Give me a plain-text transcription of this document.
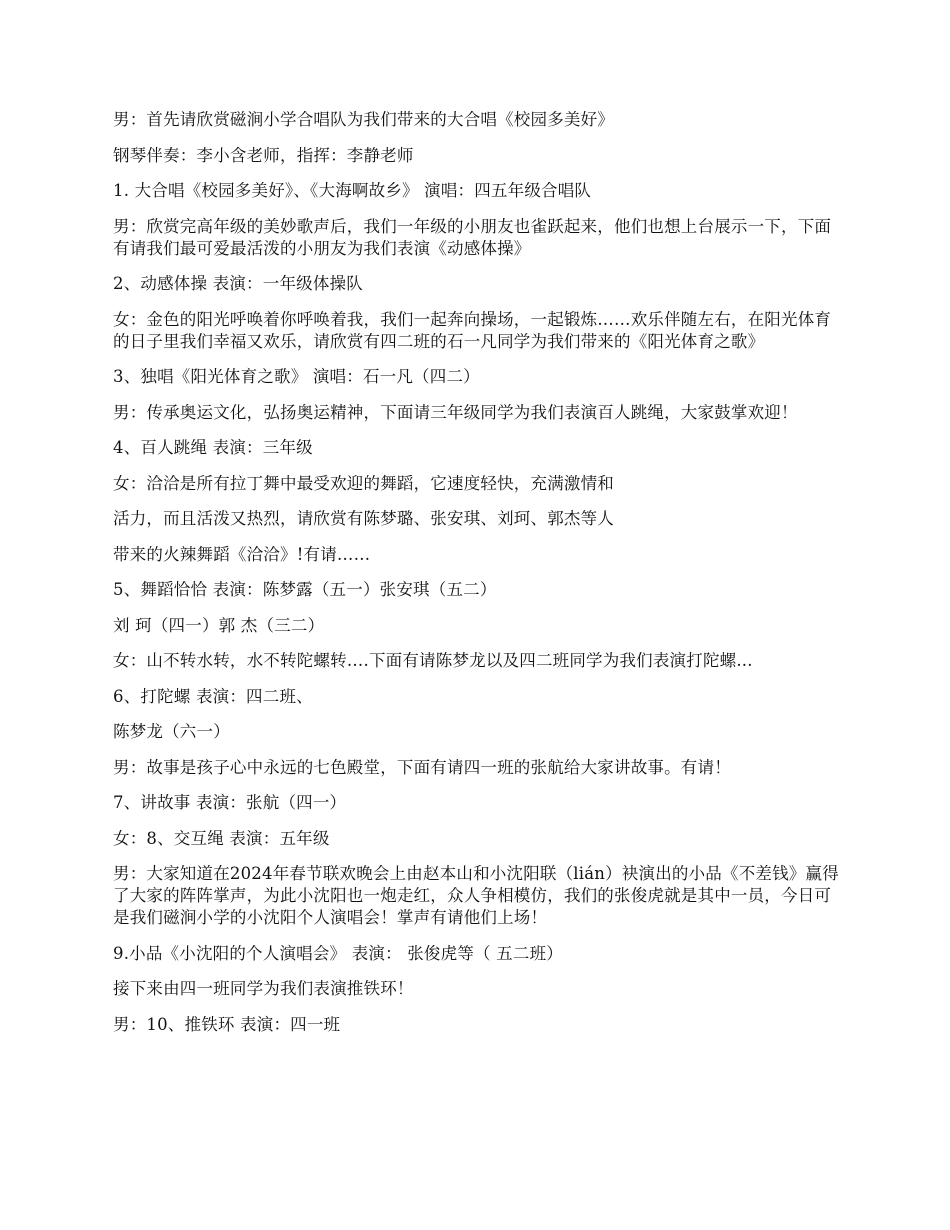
男：首先请欣赏磁涧小学合唱队为我们带来的大合唱《校园多美好》

钢琴伴奏：李小含老师，指挥：李静老师

1. 大合唱《校园多美好》、《大海啊故乡》 演唱：四五年级合唱队

男：欣赏完高年级的美妙歌声后，我们一年级的小朋友也雀跃起来，他们也想上台展示一下，下面有请我们最可爱最活泼的小朋友为我们表演《动感体操》

2、动感体操 表演：一年级体操队

女：金色的阳光呼唤着你呼唤着我，我们一起奔向操场，一起锻炼……欢乐伴随左右，在阳光体育的日子里我们幸福又欢乐，请欣赏有四二班的石一凡同学为我们带来的《阳光体育之歌》

3、独唱《阳光体育之歌》 演唱：石一凡（四二）

男：传承奥运文化，弘扬奥运精神，下面请三年级同学为我们表演百人跳绳，大家鼓掌欢迎！

4、百人跳绳 表演：三年级

女：洽洽是所有拉丁舞中最受欢迎的舞蹈，它速度轻快，充满激情和

活力，而且活泼又热烈，请欣赏有陈梦璐、张安琪、刘珂、郭杰等人

带来的火辣舞蹈《洽洽》!有请……

5、舞蹈恰恰 表演：陈梦露（五一）张安琪（五二）

刘 珂（四一）郭 杰（三二）

女：山不转水转，水不转陀螺转….下面有请陈梦龙以及四二班同学为我们表演打陀螺...

6、打陀螺 表演：四二班、

陈梦龙（六一）

男：故事是孩子心中永远的七色殿堂，下面有请四一班的张航给大家讲故事。有请！

7、讲故事 表演：张航（四一）

女：8、交互绳 表演：五年级

男：大家知道在2024年春节联欢晚会上由赵本山和小沈阳联（lián）袂演出的小品《不差钱》赢得了大家的阵阵掌声，为此小沈阳也一炮走红，众人争相模仿，我们的张俊虎就是其中一员，今日可是我们磁涧小学的小沈阳个人演唱会！掌声有请他们上场！

9.小品《小沈阳的个人演唱会》 表演： 张俊虎等（ 五二班）

接下来由四一班同学为我们表演推铁环！

男：10、推铁环 表演：四一班
